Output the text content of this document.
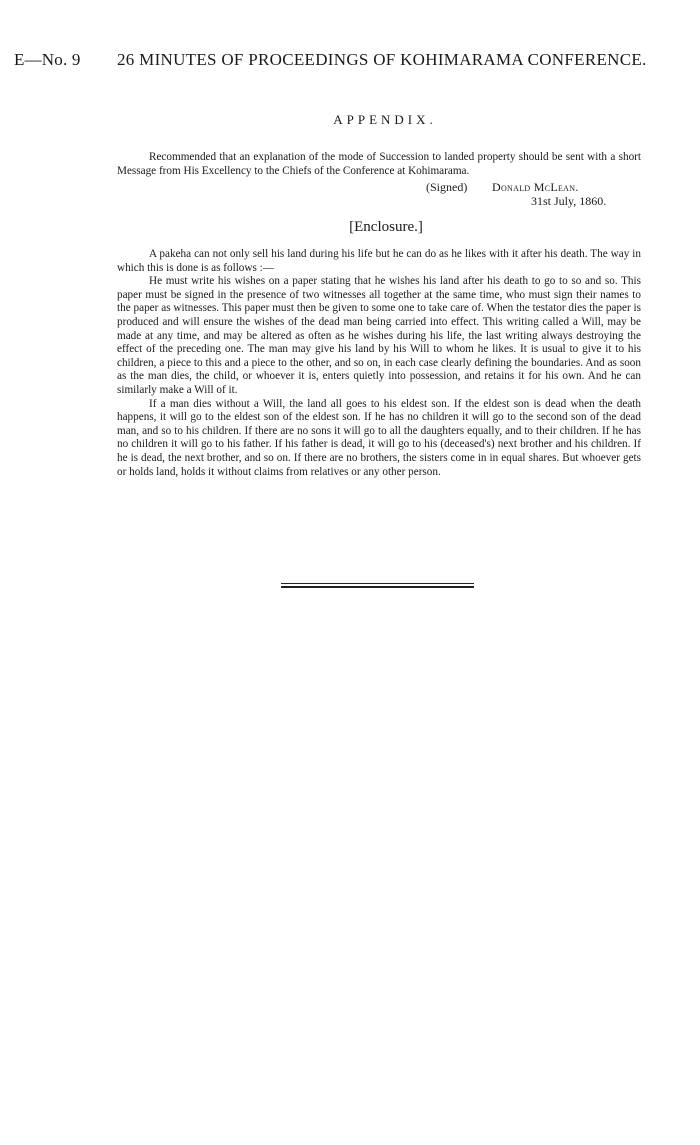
E—No. 9 26 MINUTES OF PROCEEDINGS OF KOHIMARAMA CONFERENCE.
APPENDIX.

Recommended that an explanation of the mode of Succession to landed property should be sent with a short Message from His Excellency to the Chiefs of the Conference at Kohimarama.

(Signed) Donald McLean.
31st July, 1860.
[Enclosure.]

A pakeha can not only sell his land during his life but he can do as he likes with it after his death. The way in which this is done is as follows :—

He must write his wishes on a paper stating that he wishes his land after his death to go to so and so. This paper must be signed in the presence of two witnesses all together at the same time, who must sign their names to the paper as witnesses. This paper must then be given to some one to take care of. When the testator dies the paper is produced and will ensure the wishes of the dead man being carried into effect. This writing called a Will, may be made at any time, and may be altered as often as he wishes during his life, the last writing always destroying the effect of the preceding one. The man may give his land by his Will to whom he likes. It is usual to give it to his children, a piece to this and a piece to the other, and so on, in each case clearly defining the boundaries. And as soon as the man dies, the child, or whoever it is, enters quietly into possession, and retains it for his own. And he can similarly make a Will of it.

If a man dies without a Will, the land all goes to his eldest son. If the eldest son is dead when the death happens, it will go to the eldest son of the eldest son. If he has no children it will go to the second son of the dead man, and so to his children. If there are no sons it will go to all the daughters equally, and to their children. If he has no children it will go to his father. If his father is dead, it will go to his (deceased's) next brother and his children. If he is dead, the next brother, and so on. If there are no brothers, the sisters come in in equal shares. But whoever gets or holds land, holds it without claims from relatives or any other person.
